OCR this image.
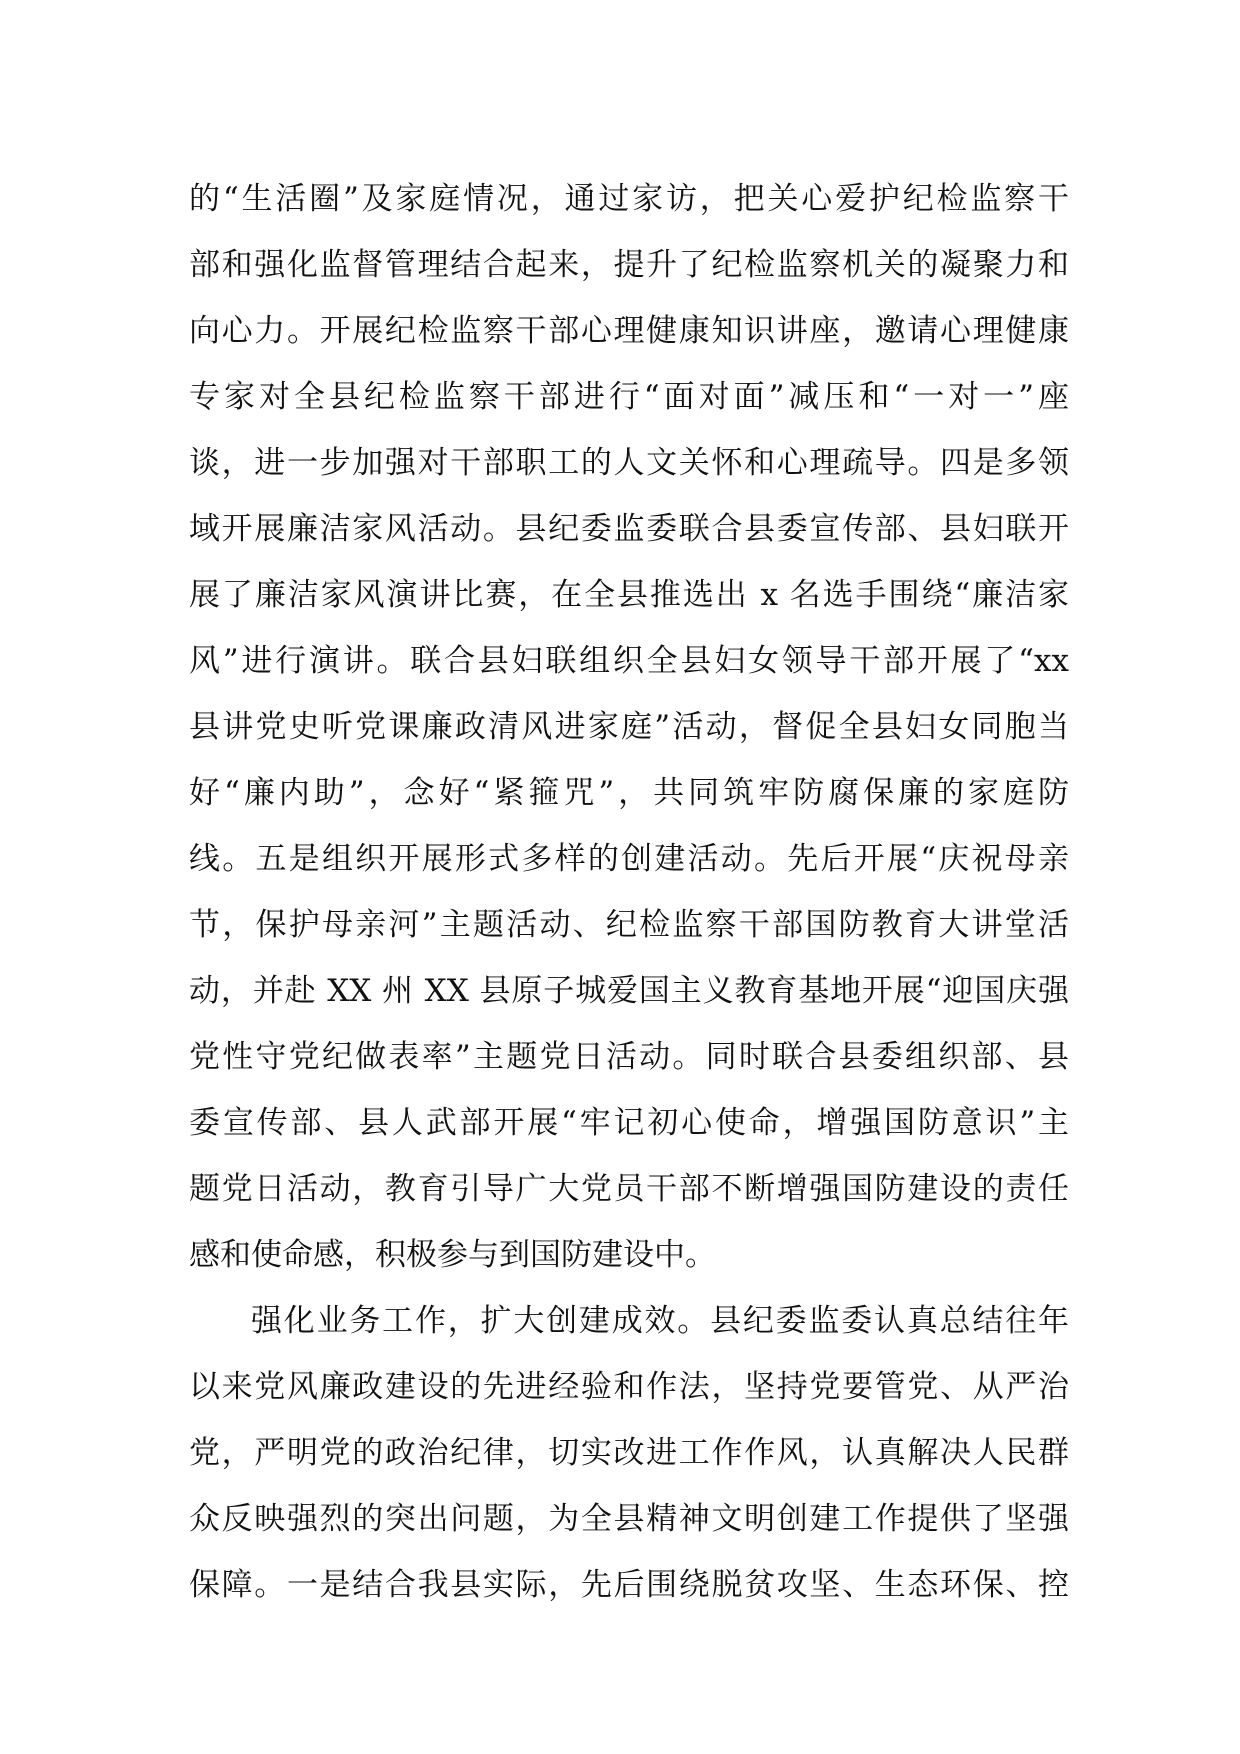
的“生活圈”及家庭情况，通过家访，把关心爱护纪检监察干
部和强化监督管理结合起来，提升了纪检监察机关的凝聚力和
向心力。开展纪检监察干部心理健康知识讲座，邀请心理健康
专家对全县纪检监察干部进行“面对面”减压和“一对一”座
谈，进一步加强对干部职工的人文关怀和心理疏导。四是多领
域开展廉洁家风活动。县纪委监委联合县委宣传部、县妇联开
展了廉洁家风演讲比赛，在全县推选出 x 名选手围绕“廉洁家
风”进行演讲。联合县妇联组织全县妇女领导干部开展了“xx
县讲党史听党课廉政清风进家庭”活动，督促全县妇女同胞当
好“廉内助”，念好“紧箍咒”，共同筑牢防腐保廉的家庭防
线。五是组织开展形式多样的创建活动。先后开展“庆祝母亲
节，保护母亲河”主题活动、纪检监察干部国防教育大讲堂活
动，并赴 XX 州 XX 县原子城爱国主义教育基地开展“迎国庆强
党性守党纪做表率”主题党日活动。同时联合县委组织部、县
委宣传部、县人武部开展“牢记初心使命，增强国防意识”主
题党日活动，教育引导广大党员干部不断增强国防建设的责任
感和使命感，积极参与到国防建设中。
强化业务工作，扩大创建成效。县纪委监委认真总结往年
以来党风廉政建设的先进经验和作法，坚持党要管党、从严治
党，严明党的政治纪律，切实改进工作作风，认真解决人民群
众反映强烈的突出问题，为全县精神文明创建工作提供了坚强
保障。一是结合我县实际，先后围绕脱贫攻坚、生态环保、控
